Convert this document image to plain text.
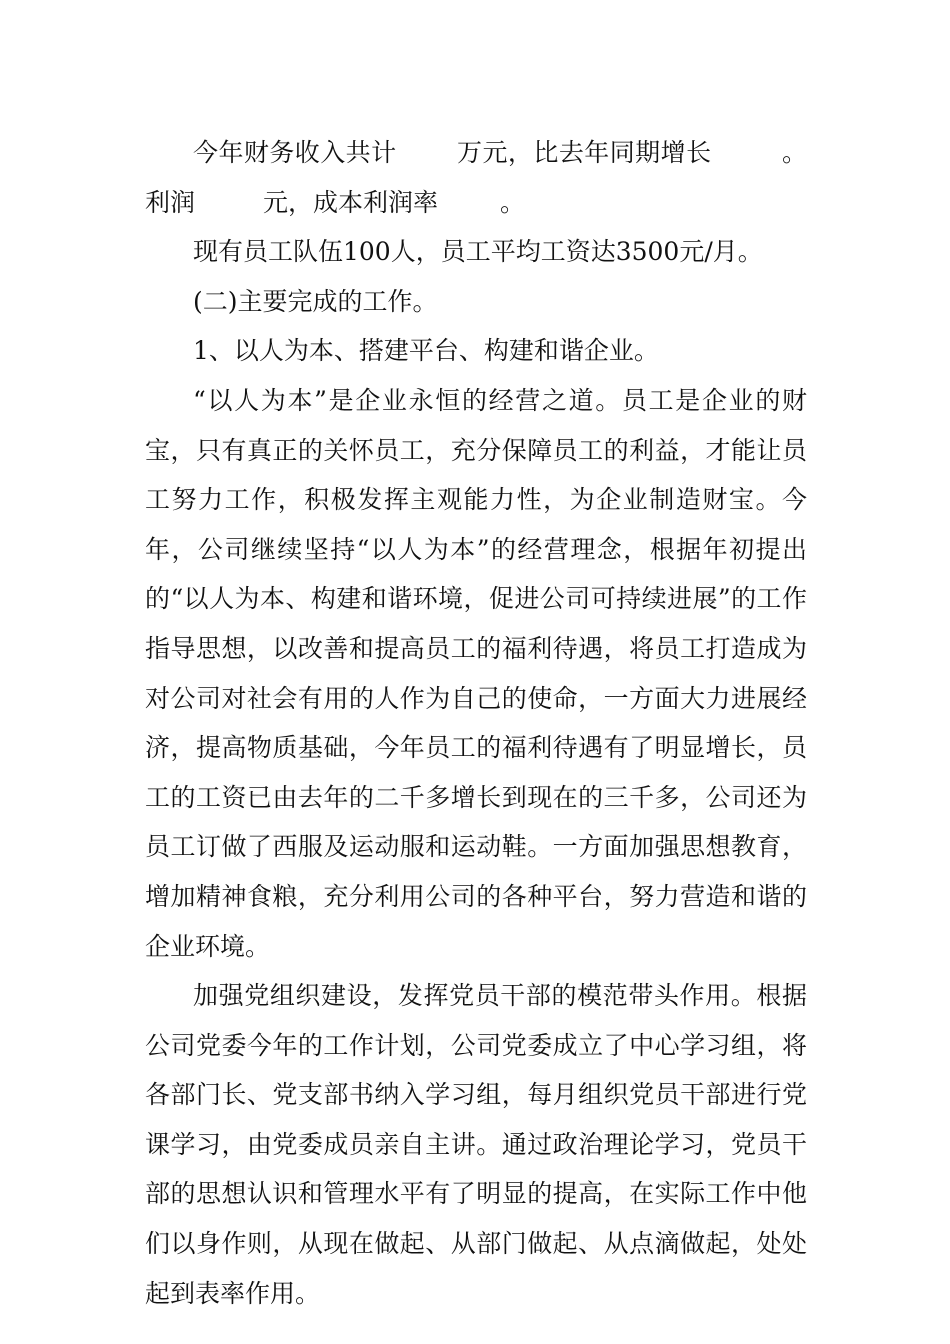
今年财务收入共计 万元，比去年同期增长	。利润	元，成本利润率 。

现有员工队伍100人，员工平均工资达3500元/月。

(二)主要完成的工作。

1、以人为本、搭建平台、构建和谐企业。

“以人为本”是企业永恒的经营之道。员工是企业的财宝，只有真正的关怀员工，充分保障员工的利益，才能让员工努力工作，积极发挥主观能力性，为企业制造财宝。今年，公司继续坚持“以人为本”的经营理念，根据年初提出的“以人为本、构建和谐环境，促进公司可持续进展”的工作指导思想，以改善和提高员工的福利待遇，将员工打造成为对公司对社会有用的人作为自己的使命，一方面大力进展经济，提高物质基础，今年员工的福利待遇有了明显增长，员工的工资已由去年的二千多增长到现在的三千多，公司还为员工订做了西服及运动服和运动鞋。一方面加强思想教育，增加精神食粮，充分利用公司的各种平台，努力营造和谐的企业环境。

加强党组织建设，发挥党员干部的模范带头作用。根据公司党委今年的工作计划，公司党委成立了中心学习组，将各部门长、党支部书纳入学习组，每月组织党员干部进行党课学习，由党委成员亲自主讲。通过政治理论学习，党员干部的思想认识和管理水平有了明显的提高，在实际工作中他们以身作则，从现在做起、从部门做起、从点滴做起，处处起到表率作用。
